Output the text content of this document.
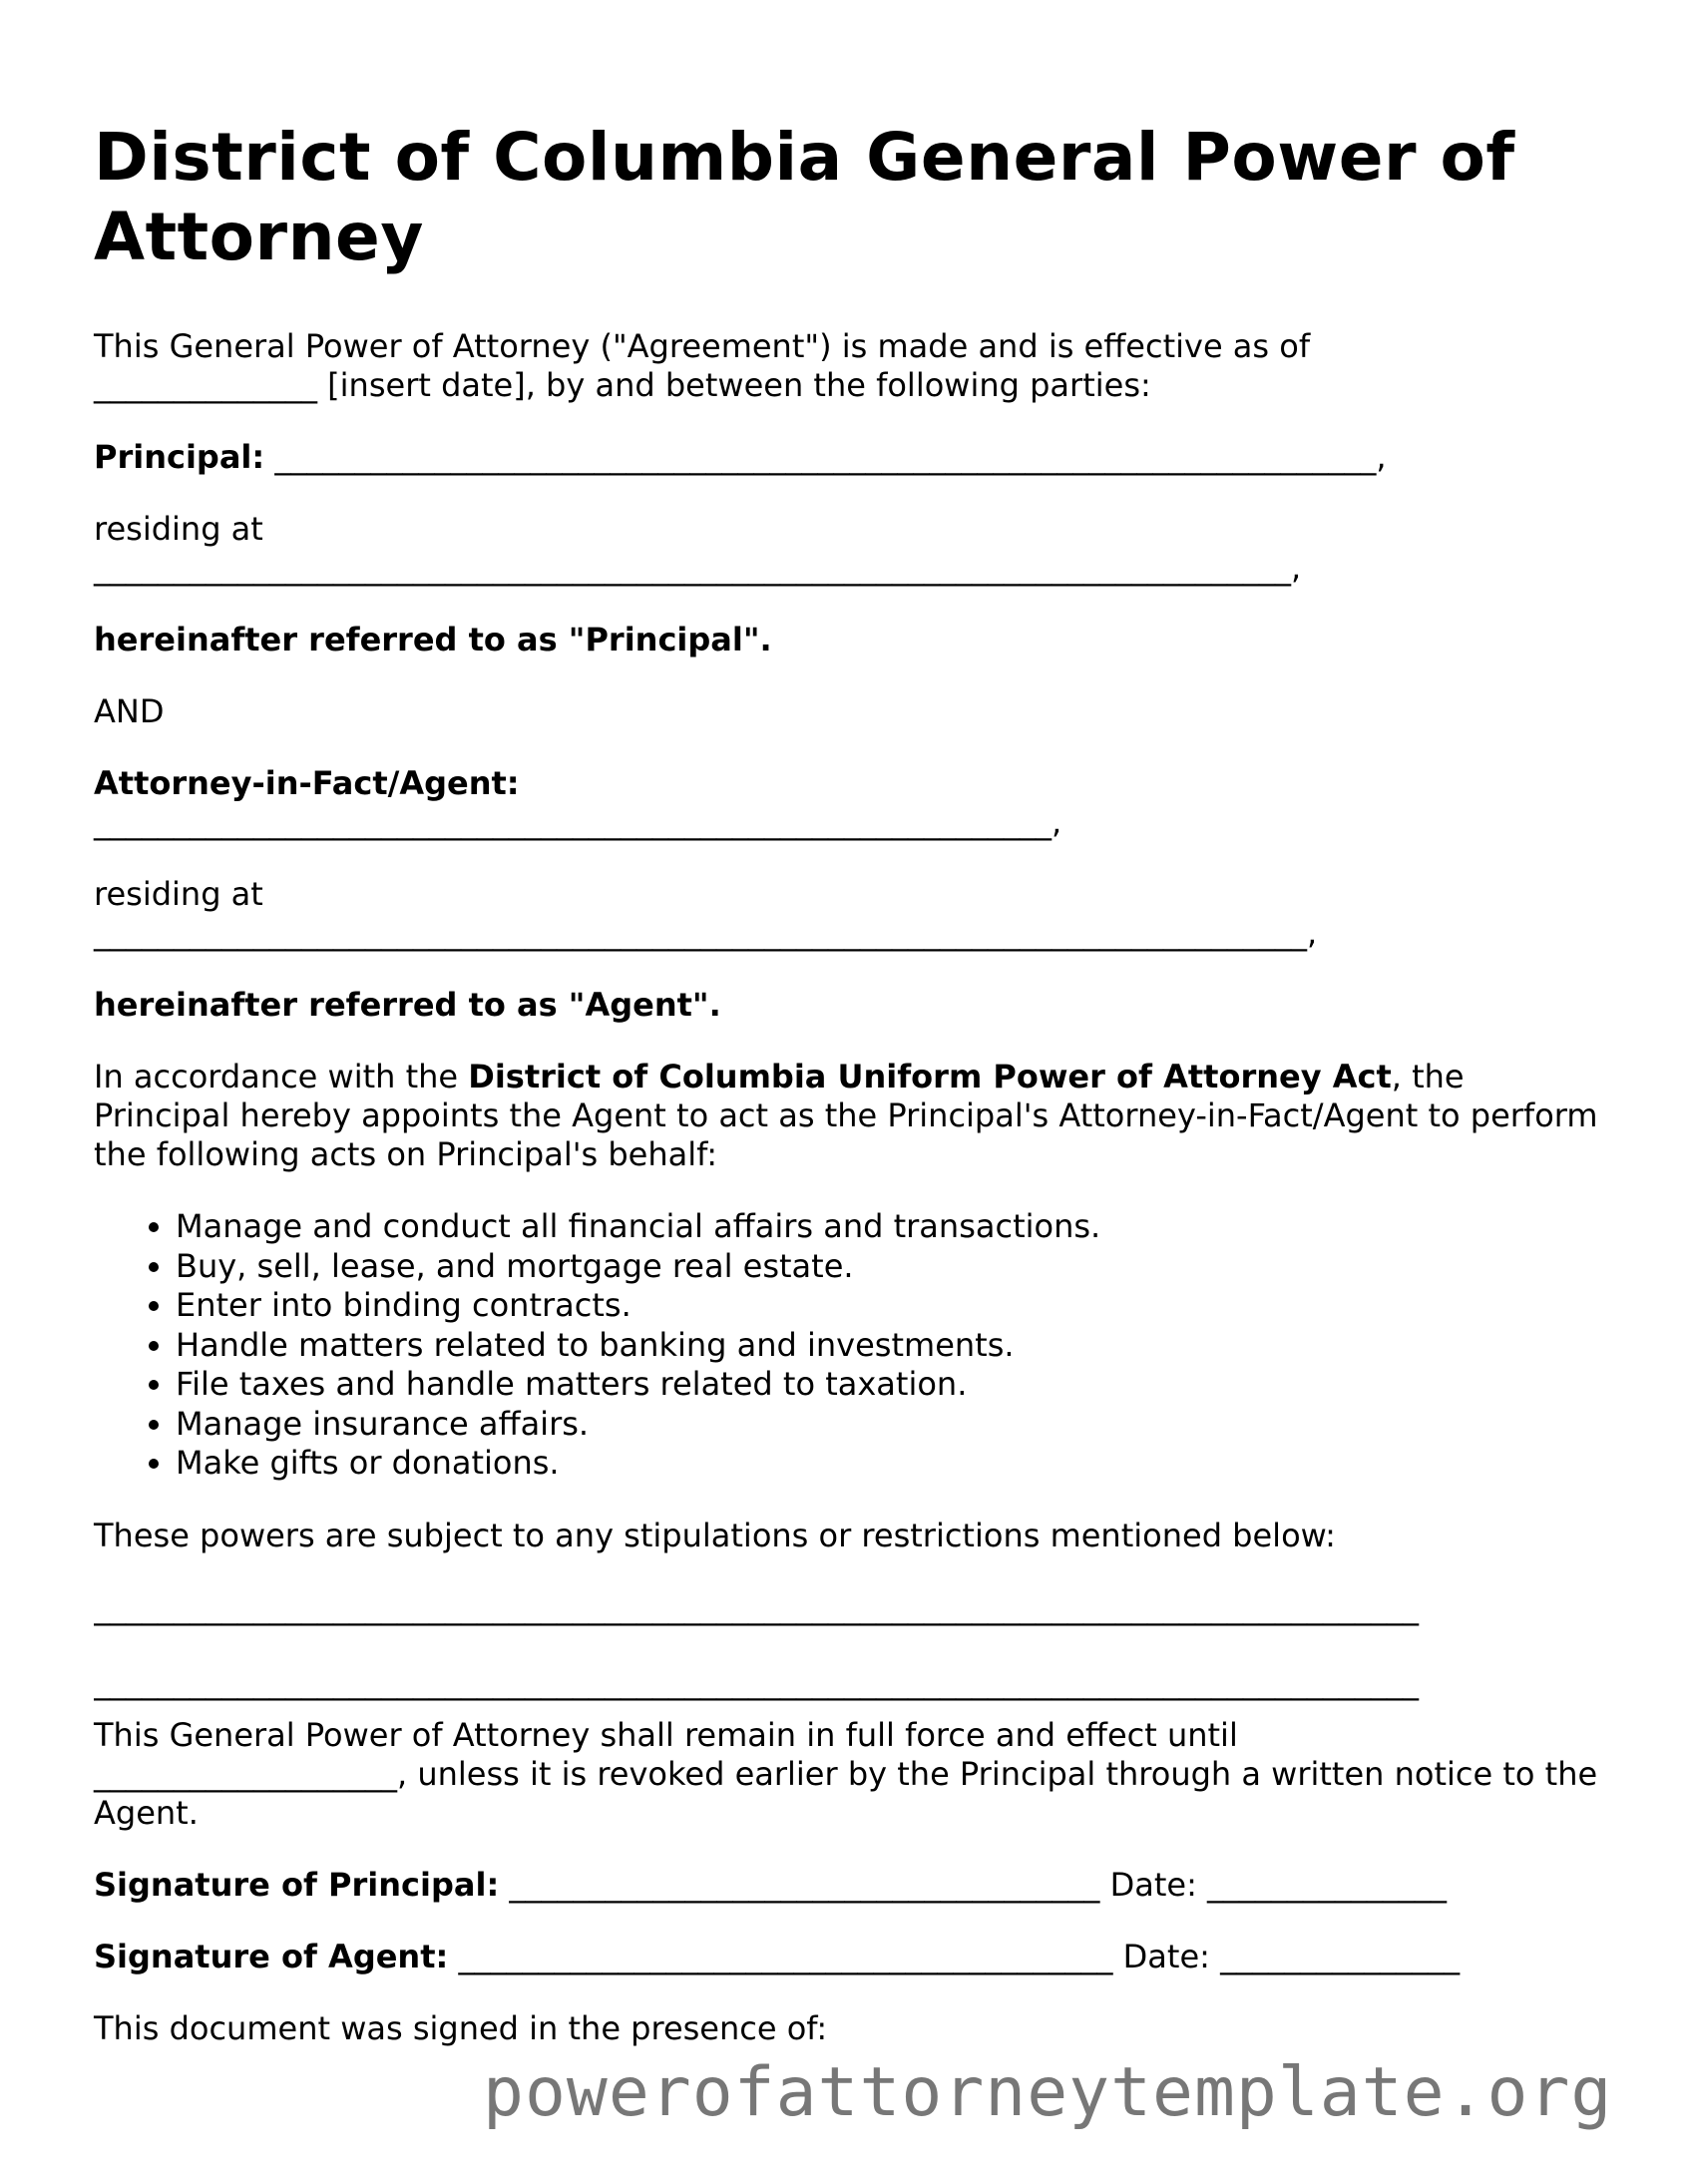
District of Columbia General Power of Attorney

This General Power of Attorney ("Agreement") is made and is effective as of
______________ [insert date], by and between the following parties:

Principal: _____________________________________________________________________,

residing at
___________________________________________________________________________,

hereinafter referred to as "Principal".

AND

Attorney-in-Fact/Agent:
____________________________________________________________,

residing at
____________________________________________________________________________,

hereinafter referred to as "Agent".

In accordance with the District of Columbia Uniform Power of Attorney Act, the Principal hereby appoints the Agent to act as the Principal's Attorney-in-Fact/Agent to perform the following acts on Principal's behalf:

• Manage and conduct all financial affairs and transactions.
• Buy, sell, lease, and mortgage real estate.
• Enter into binding contracts.
• Handle matters related to banking and investments.
• File taxes and handle matters related to taxation.
• Manage insurance affairs.
• Make gifts or donations.

These powers are subject to any stipulations or restrictions mentioned below:

___________________________________________________________________________________
___________________________________________________________________________________

This General Power of Attorney shall remain in full force and effect until
___________________, unless it is revoked earlier by the Principal through a written notice to the Agent.

Signature of Principal: _____________________________________ Date: _______________

Signature of Agent: _________________________________________ Date: _______________

This document was signed in the presence of:

powerofattorneytemplate.org
